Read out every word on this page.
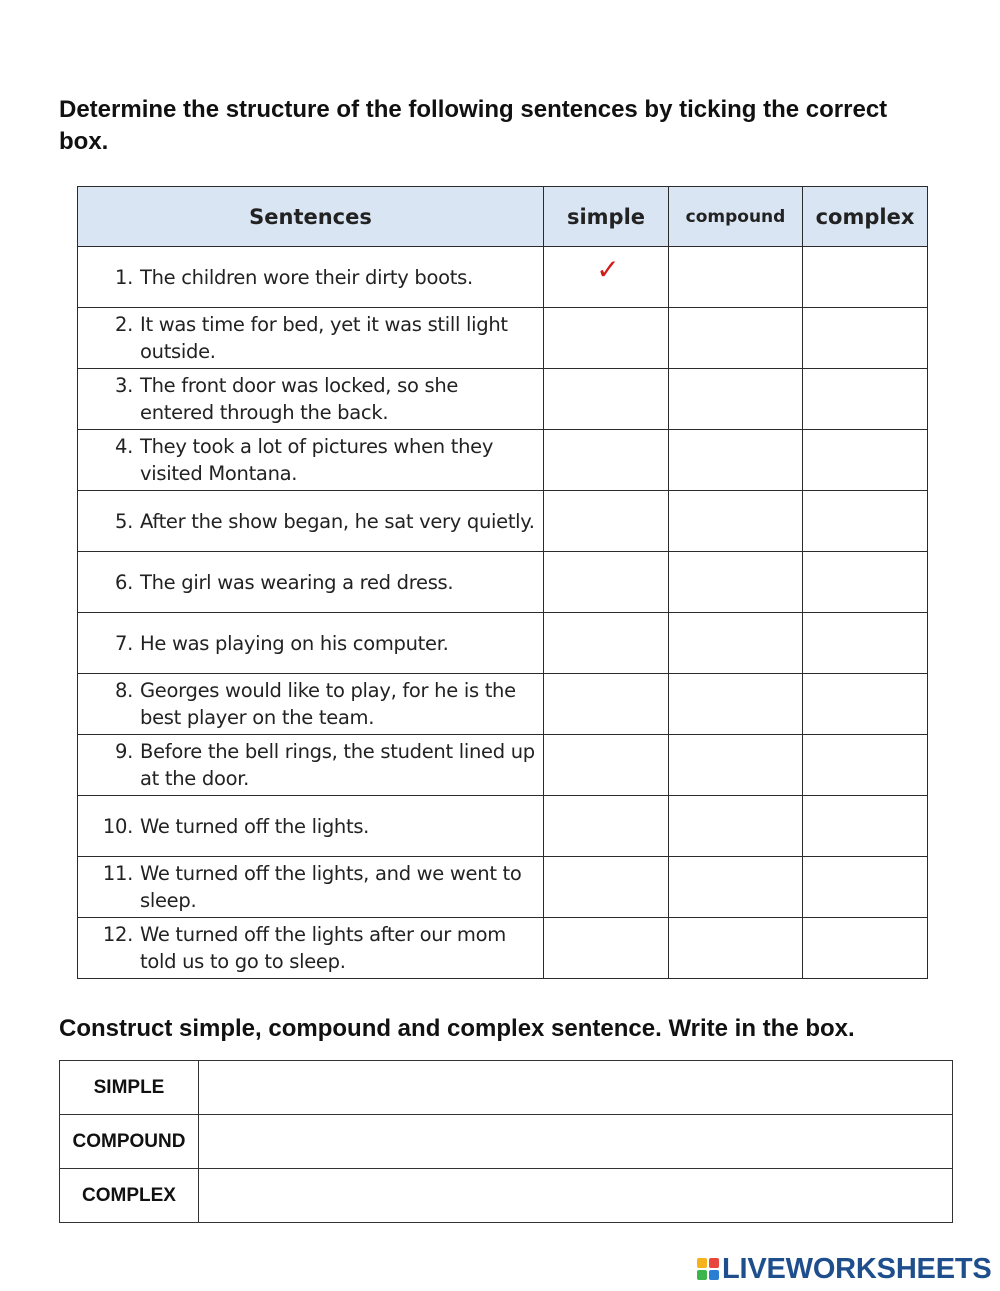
Determine the structure of the following sentences by ticking the correct box.

Sentences	simple	compound	complex

1. The children wore their dirty boots.	✓		

2. It was time for bed, yet it was still light outside.			

3. The front door was locked, so she entered through the back.			

4. They took a lot of pictures when they visited Montana.			

5. After the show began, he sat very quietly.			

6. The girl was wearing a red dress.			

7. He was playing on his computer.			

8. Georges would like to play, for he is the best player on the team.			

9. Before the bell rings, the student lined up at the door.			

10. We turned off the lights.			

11. We turned off the lights, and we went to sleep.			

12. We turned off the lights after our mom told us to go to sleep.			

Construct simple, compound and complex sentence. Write in the box.

SIMPLE	
COMPOUND	
COMPLEX	
LIVEWORKSHEETS
